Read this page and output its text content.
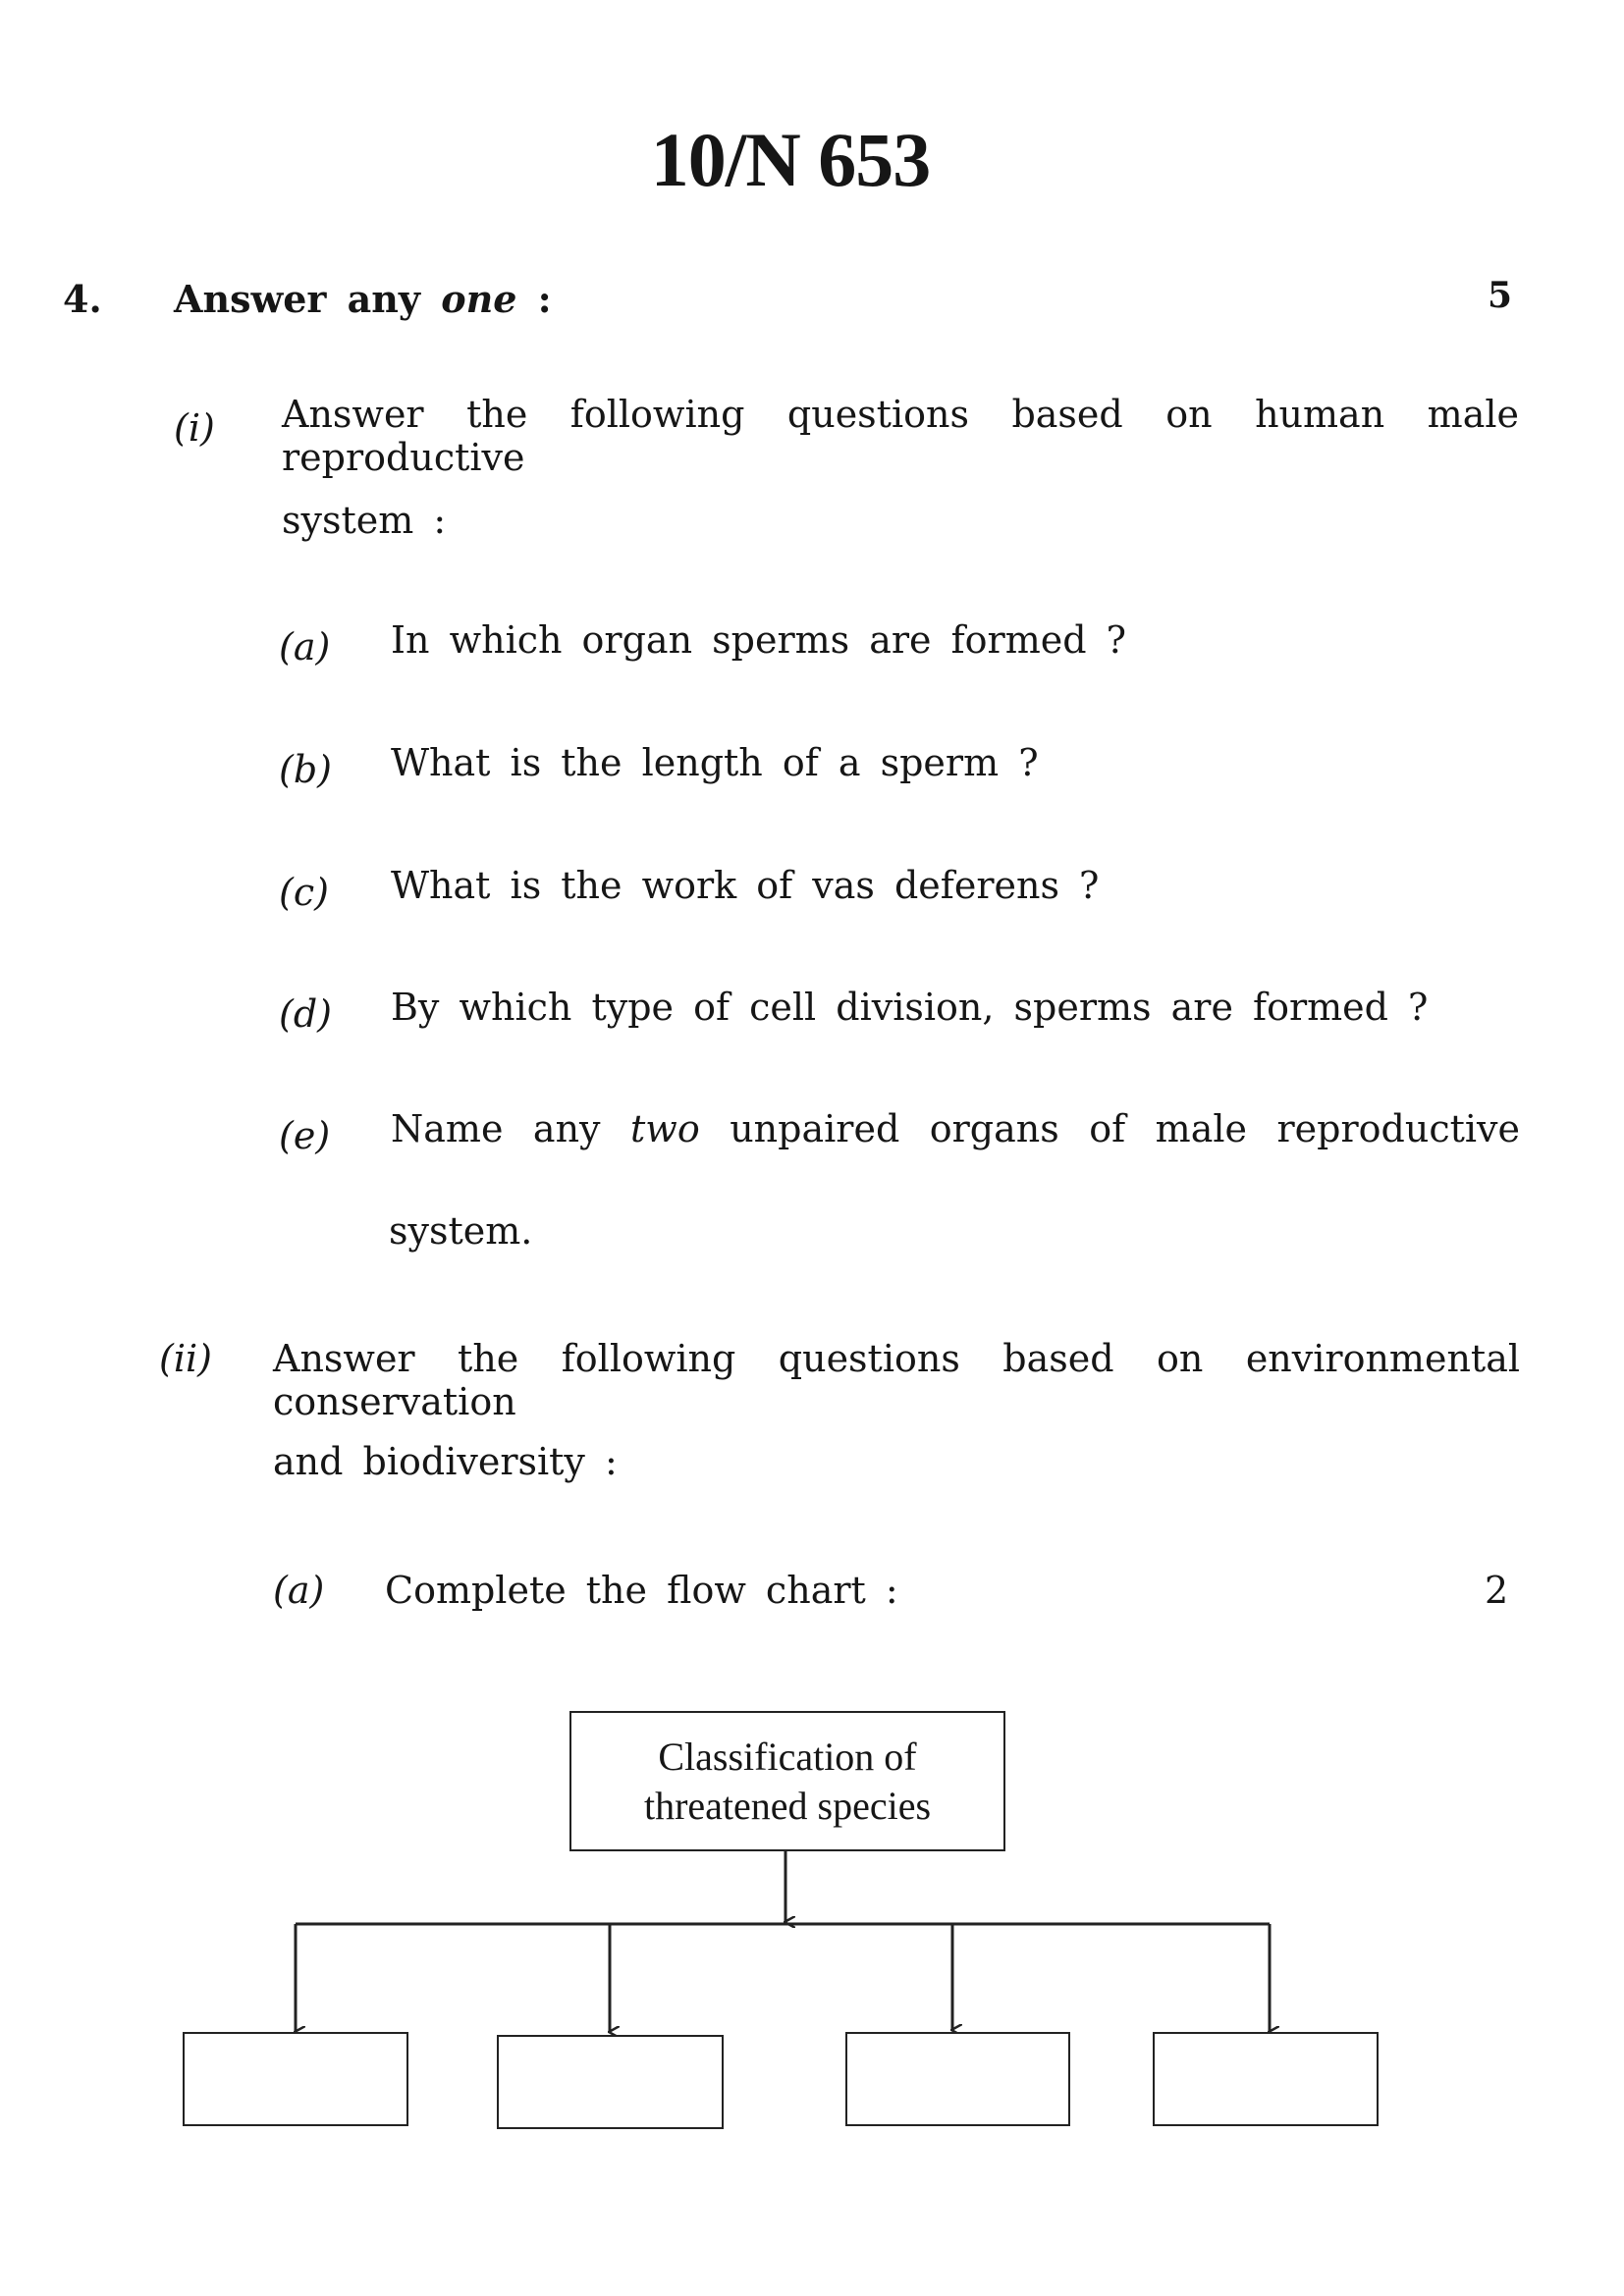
10/N 653
4. Answer any one :	5
(i) Answer the following questions based on human male reproductive
system :
(a) In which organ sperms are formed ?
(b) What is the length of a sperm ?
(c) What is the work of vas deferens ?
(d) By which type of cell division, sperms are formed ?
(e) Name any two unpaired organs of male reproductive
system.
(ii) Answer the following questions based on environmental conservation
and biodiversity :
(a) Complete the flow chart :	2
Classification of
threatened species
